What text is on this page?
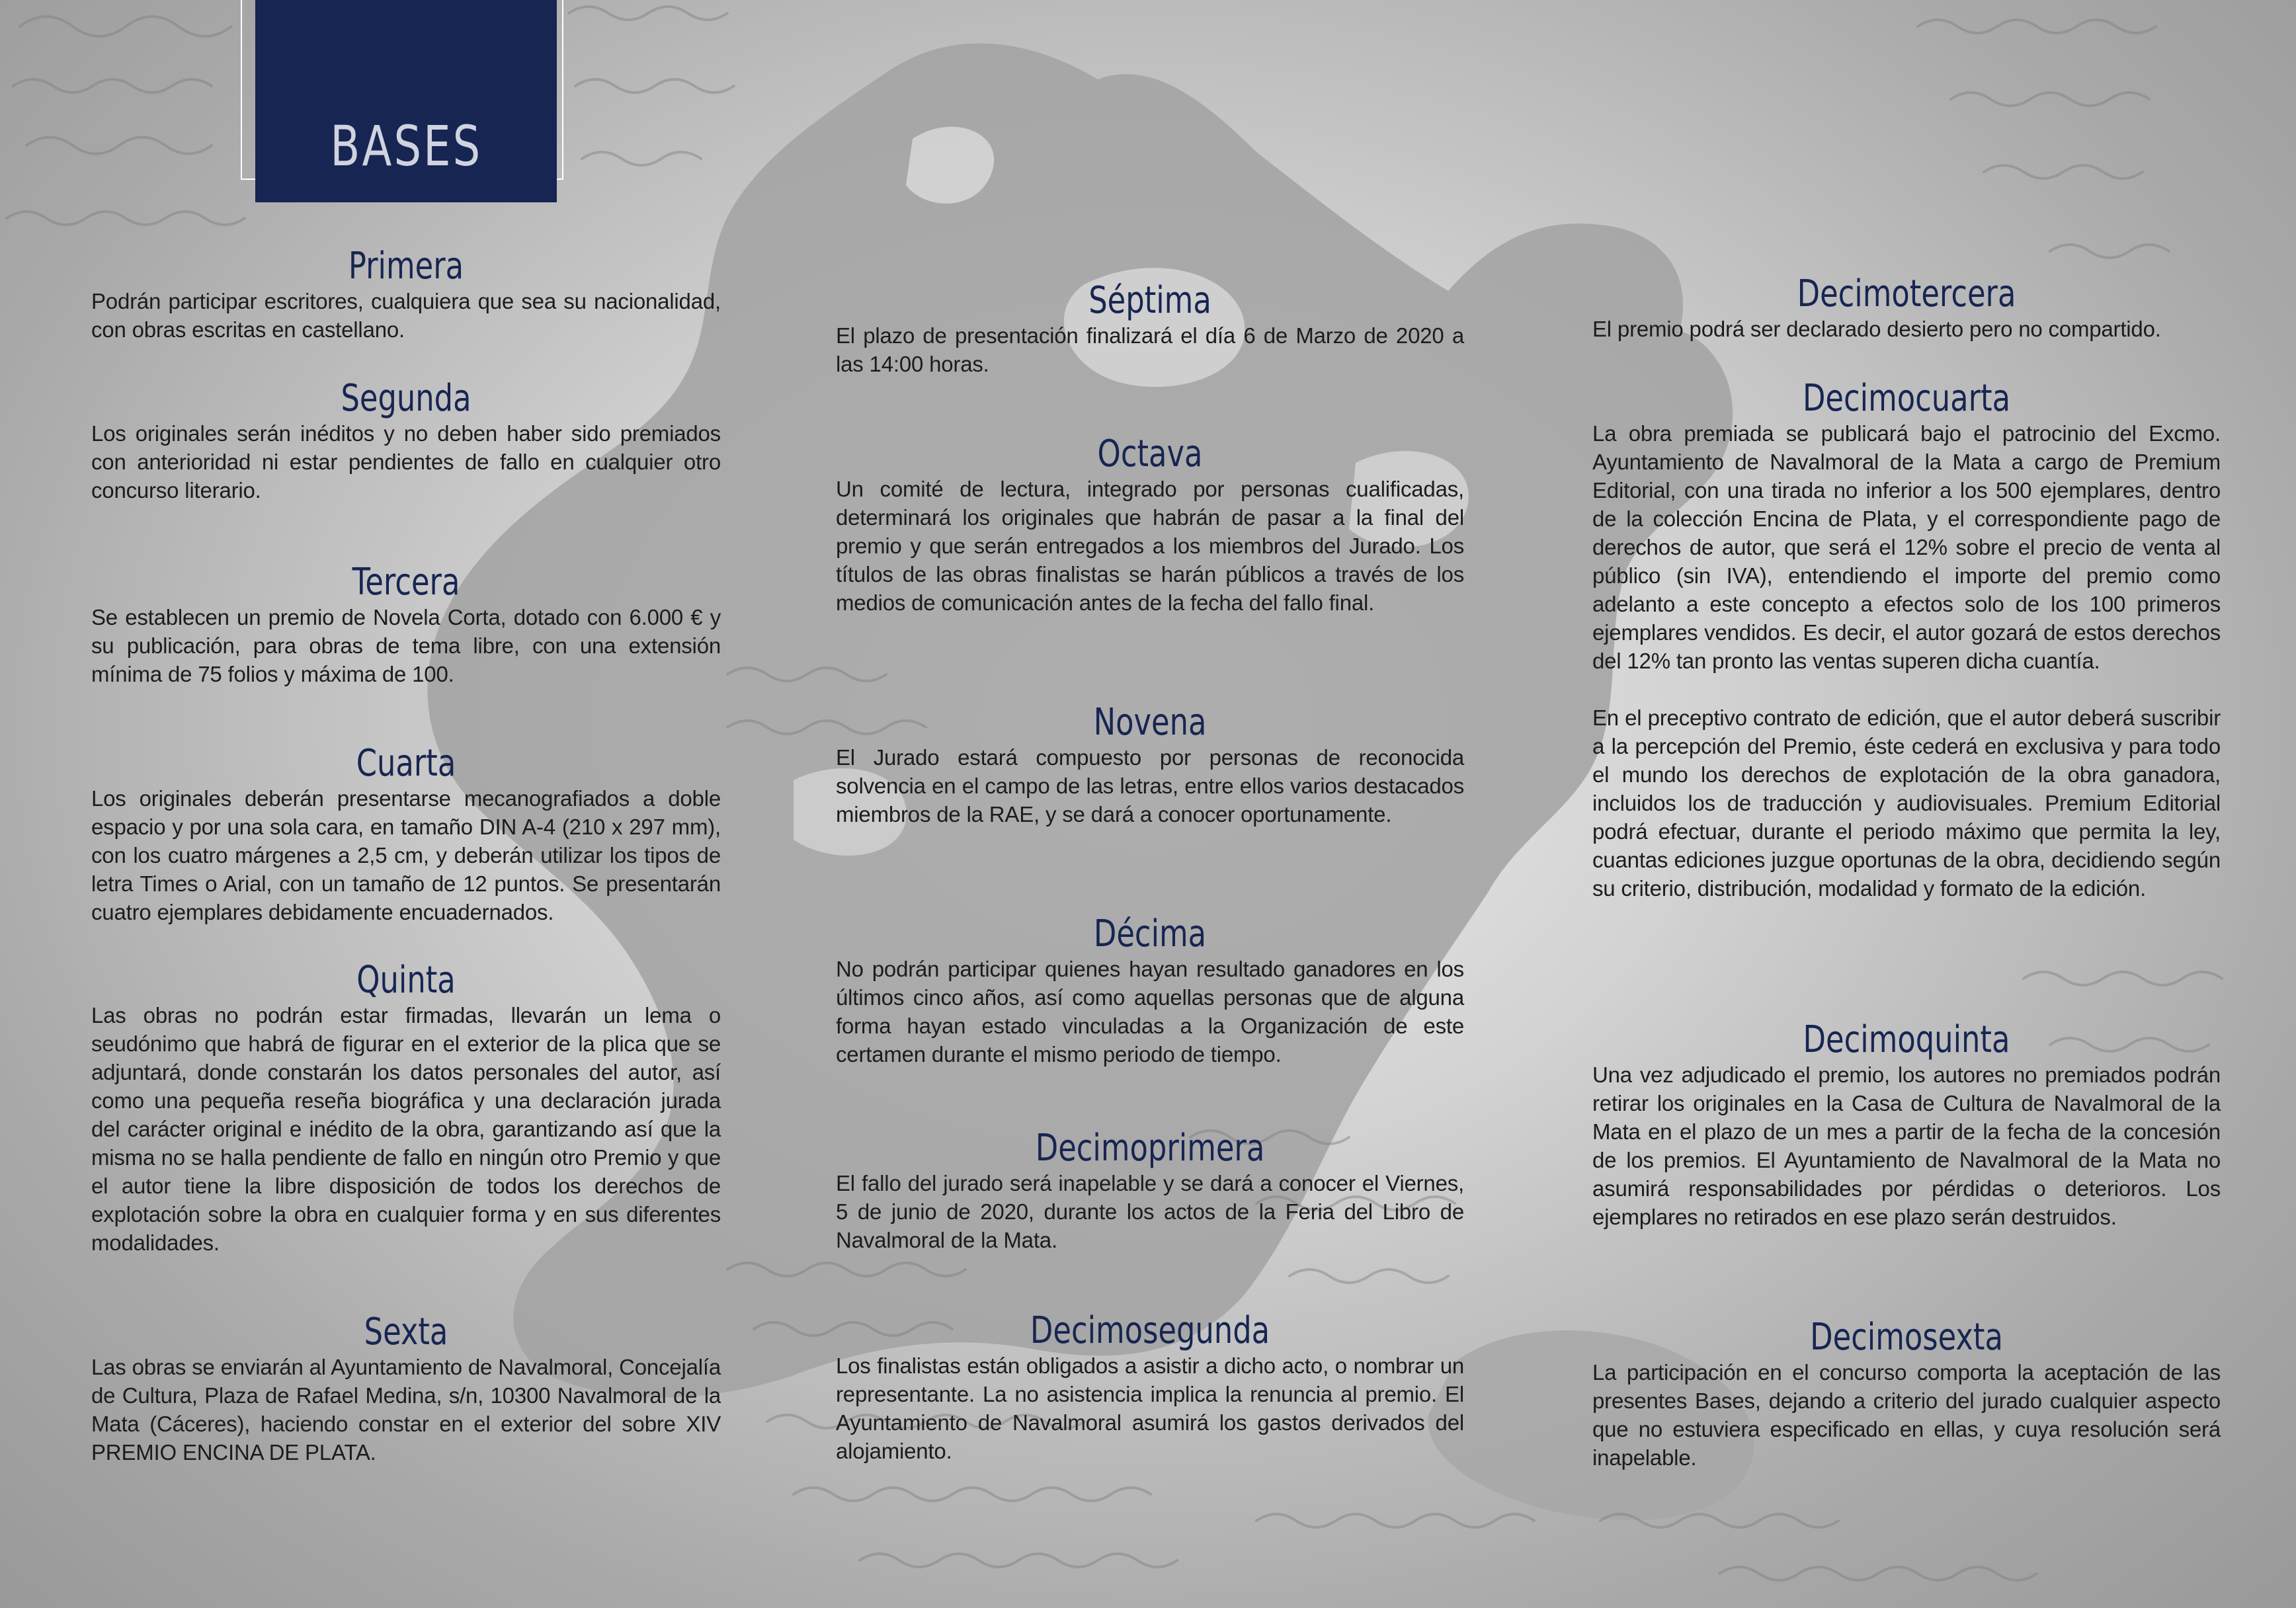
BASES
Primera

Podrán participar escritores, cualquiera que sea su nacionalidad, con obras escritas en castellano.

Segunda

Los originales serán inéditos y no deben haber sido premiados con anterioridad ni estar pendientes de fallo en cualquier otro concurso literario.

Tercera

Se establecen un premio de Novela Corta, dotado con 6.000 € y su publicación, para obras de tema libre, con una extensión mínima de 75 folios y máxima de 100.

Cuarta

Los originales deberán presentarse mecanografiados a doble espacio y por una sola cara, en tamaño DIN A-4 (210 x 297 mm), con los cuatro márgenes a 2,5 cm, y deberán utilizar los tipos de letra Times o Arial, con un tamaño de 12 puntos. Se presentarán cuatro ejemplares debidamente encuadernados.

Quinta

Las obras no podrán estar firmadas, llevarán un lema o seudónimo que habrá de figurar en el exterior de la plica que se adjuntará, donde constarán los datos personales del autor, así como una pequeña reseña biográfica y una declaración jurada del carácter original e inédito de la obra, garantizando así que la misma no se halla pendiente de fallo en ningún otro Premio y que el autor tiene la libre disposición de todos los derechos de explotación sobre la obra en cualquier forma y en sus diferentes modalidades.

Sexta

Las obras se enviarán al Ayuntamiento de Navalmoral, Concejalía de Cultura, Plaza de Rafael Medina, s/n, 10300 Navalmoral de la Mata (Cáceres), haciendo constar en el exterior del sobre XIV PREMIO ENCINA DE PLATA.

Séptima

El plazo de presentación finalizará el día 6 de Marzo de 2020 a las 14:00 horas.

Octava

Un comité de lectura, integrado por personas cualificadas, determinará los originales que habrán de pasar a la final del premio y que serán entregados a los miembros del Jurado. Los títulos de las obras finalistas se harán públicos a través de los medios de comunicación antes de la fecha del fallo final.

Novena

El Jurado estará compuesto por personas de reconocida solvencia en el campo de las letras, entre ellos varios destacados miembros de la RAE, y se dará a conocer oportunamente.

Décima

No podrán participar quienes hayan resultado ganadores en los últimos cinco años, así como aquellas personas que de alguna forma hayan estado vinculadas a la Organización de este certamen durante el mismo periodo de tiempo.

Decimoprimera

El fallo del jurado será inapelable y se dará a conocer el Viernes, 5 de junio de 2020, durante los actos de la Feria del Libro de Navalmoral de la Mata.

Decimosegunda

Los finalistas están obligados a asistir a dicho acto, o nombrar un representante. La no asistencia implica la renuncia al premio. El Ayuntamiento de Navalmoral asumirá los gastos derivados del alojamiento.

Decimotercera

El premio podrá ser declarado desierto pero no compartido.

Decimocuarta

La obra premiada se publicará bajo el patrocinio del Excmo. Ayuntamiento de Navalmoral de la Mata a cargo de Premium Editorial, con una tirada no inferior a los 500 ejemplares, dentro de la colección Encina de Plata, y el correspondiente pago de derechos de autor, que será el 12% sobre el precio de venta al público (sin IVA), entendiendo el importe del premio como adelanto a este concepto a efectos solo de los 100 primeros ejemplares vendidos. Es decir, el autor gozará de estos derechos del 12% tan pronto las ventas superen dicha cuantía.

En el preceptivo contrato de edición, que el autor deberá suscribir a la percepción del Premio, éste cederá en exclusiva y para todo el mundo los derechos de explotación de la obra ganadora, incluidos los de traducción y audiovisuales. Premium Editorial podrá efectuar, durante el periodo máximo que permita la ley, cuantas ediciones juzgue oportunas de la obra, decidiendo según su criterio, distribución, modalidad y formato de la edición.

Decimoquinta

Una vez adjudicado el premio, los autores no premiados podrán retirar los originales en la Casa de Cultura de Navalmoral de la Mata en el plazo de un mes a partir de la fecha de la concesión de los premios. El Ayuntamiento de Navalmoral de la Mata no asumirá responsabilidades por pérdidas o deterioros. Los ejemplares no retirados en ese plazo serán destruidos.

Decimosexta

La participación en el concurso comporta la aceptación de las presentes Bases, dejando a criterio del jurado cualquier aspecto que no estuviera especificado en ellas, y cuya resolución será inapelable.
